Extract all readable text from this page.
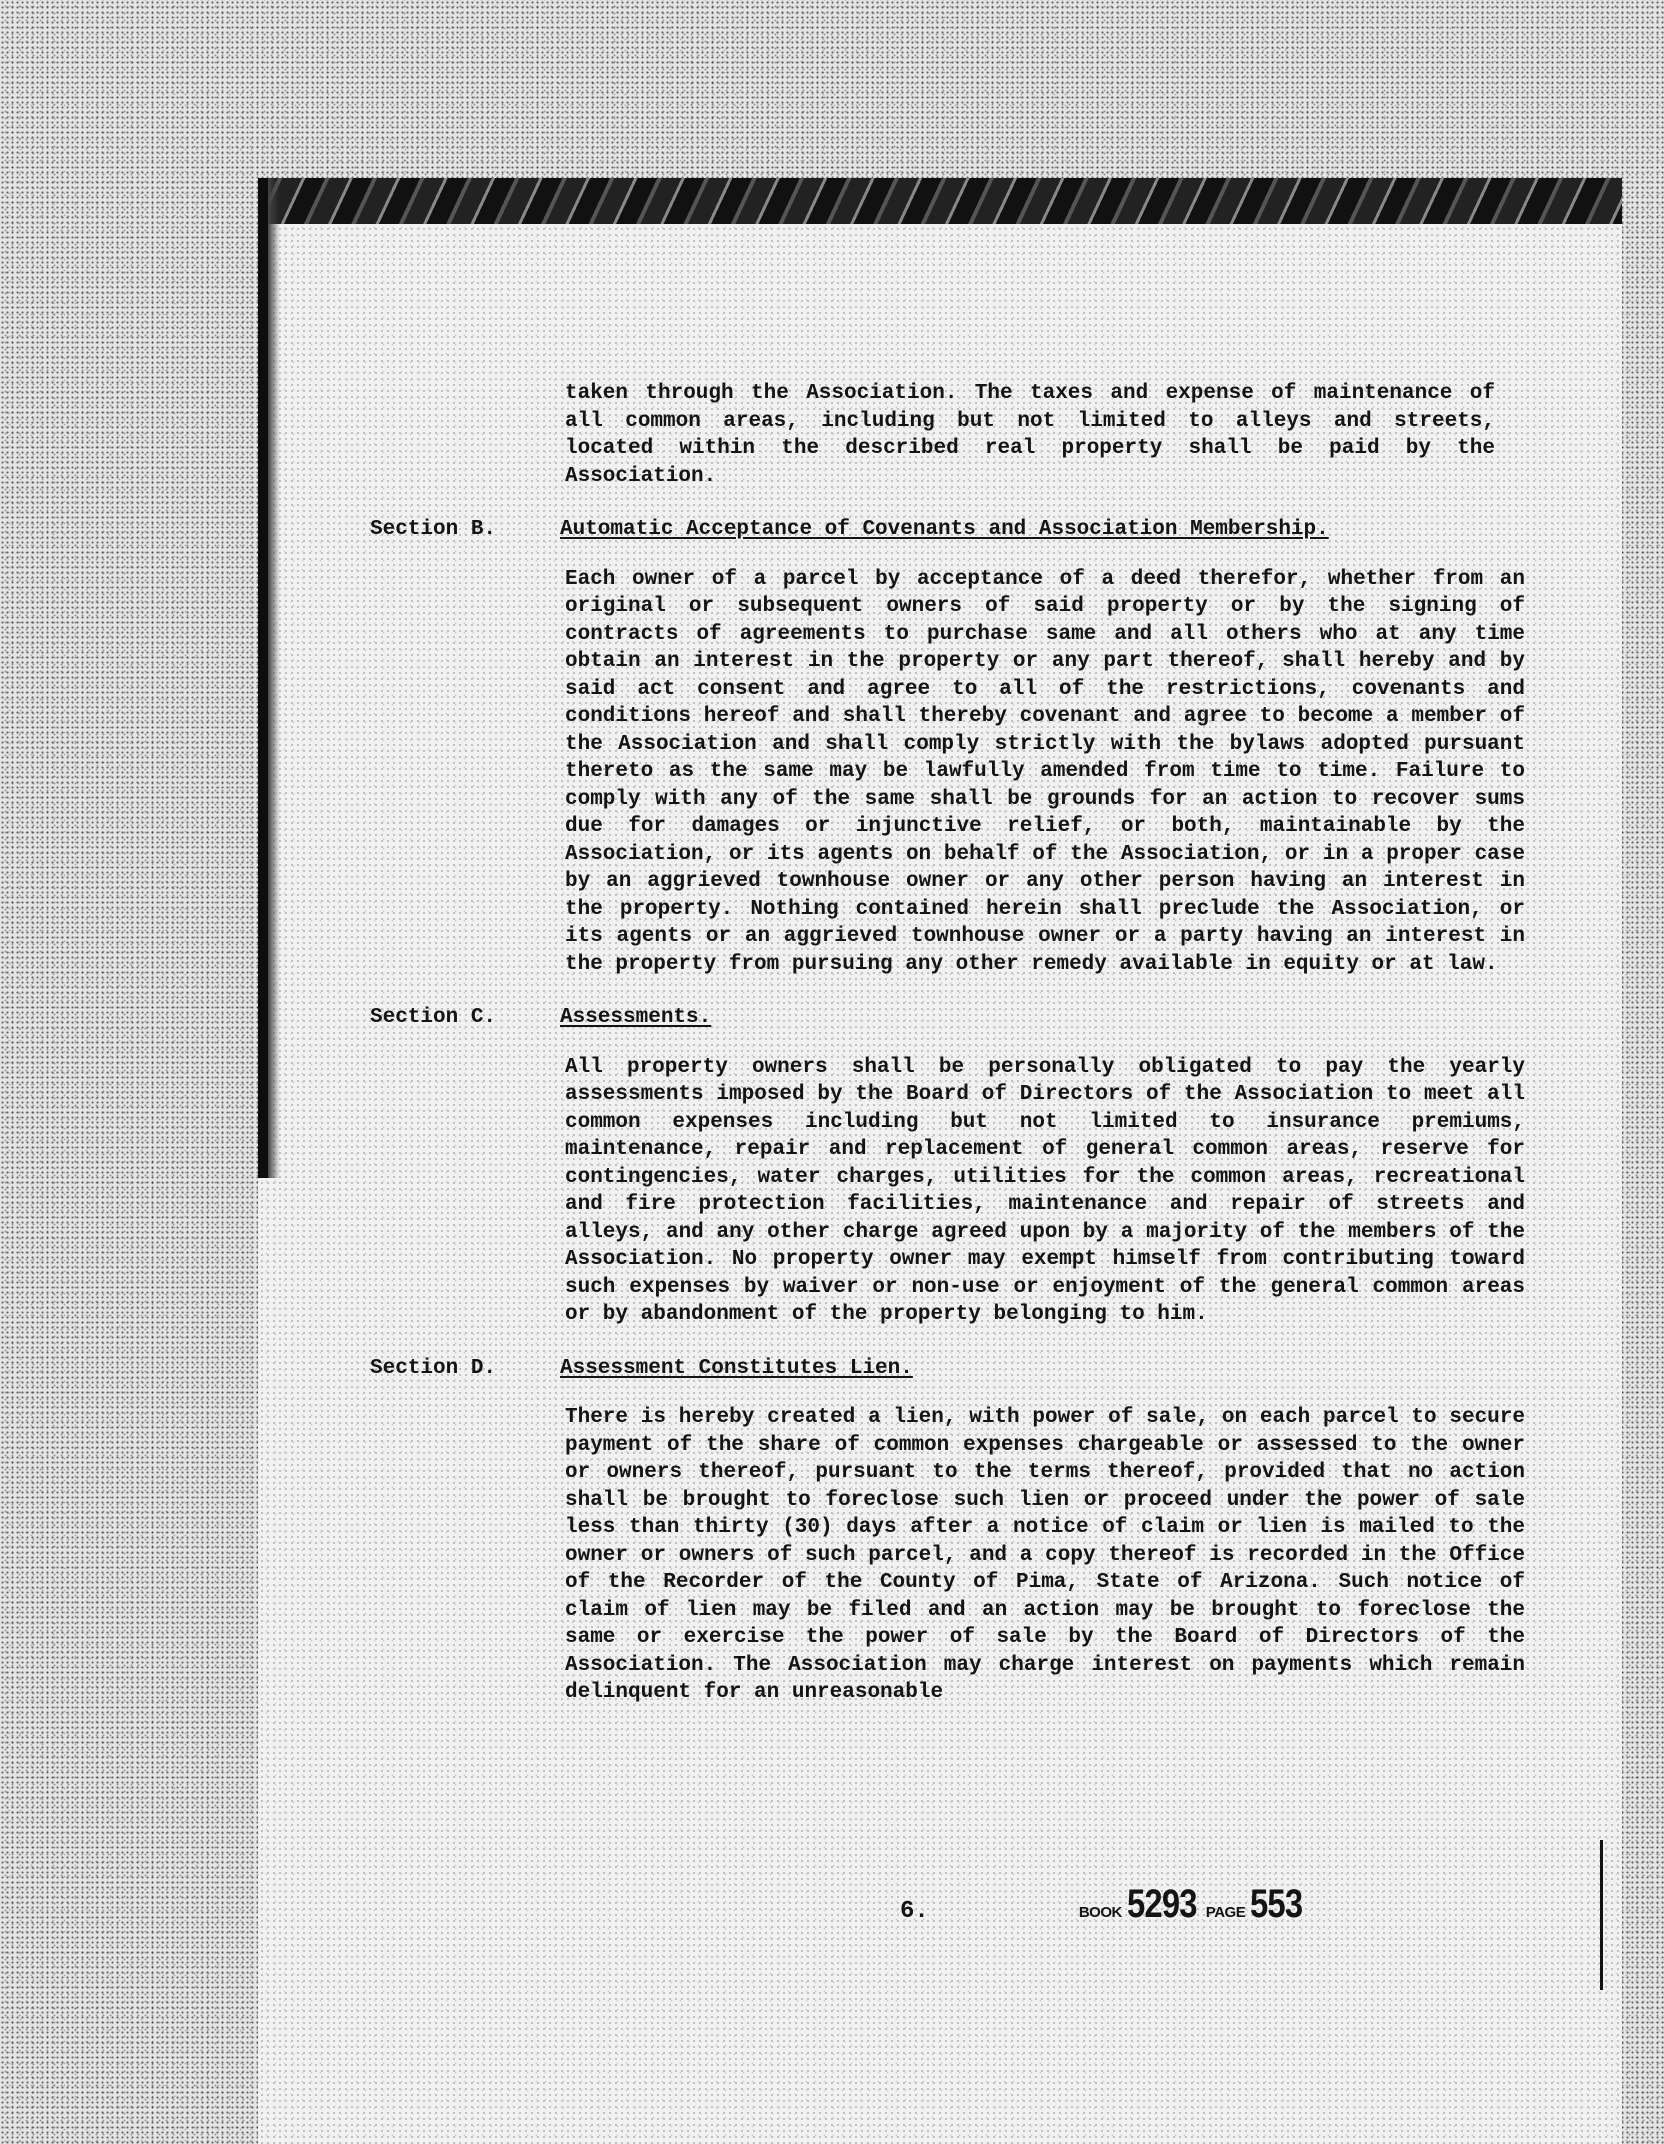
taken through the Association. The taxes and expense of maintenance of all common areas, including but not limited to alleys and streets, located within the described real property shall be paid by the Association.

Section B.	Automatic Acceptance of Covenants and Association Membership.

Each owner of a parcel by acceptance of a deed therefor, whether from an original or subsequent owners of said property or by the signing of contracts of agreements to purchase same and all others who at any time obtain an interest in the property or any part thereof, shall hereby and by said act consent and agree to all of the restrictions, covenants and conditions hereof and shall thereby covenant and agree to become a member of the Association and shall comply strictly with the bylaws adopted pursuant thereto as the same may be lawfully amended from time to time. Failure to comply with any of the same shall be grounds for an action to recover sums due for damages or injunctive relief, or both, maintainable by the Association, or its agents on behalf of the Association, or in a proper case by an aggrieved townhouse owner or any other person having an interest in the property. Nothing contained herein shall preclude the Association, or its agents or an aggrieved townhouse owner or a party having an interest in the property from pursuing any other remedy available in equity or at law.

Section C.	Assessments.

All property owners shall be personally obligated to pay the yearly assessments imposed by the Board of Directors of the Association to meet all common expenses including but not limited to insurance premiums, maintenance, repair and replacement of general common areas, reserve for contingencies, water charges, utilities for the common areas, recreational and fire protection facilities, maintenance and repair of streets and alleys, and any other charge agreed upon by a majority of the members of the Association. No property owner may exempt himself from contributing toward such expenses by waiver or non-use or enjoyment of the general common areas or by abandonment of the property belonging to him.

Section D.	Assessment Constitutes Lien.

There is hereby created a lien, with power of sale, on each parcel to secure payment of the share of common expenses chargeable or assessed to the owner or owners thereof, pursuant to the terms thereof, provided that no action shall be brought to foreclose such lien or proceed under the power of sale less than thirty (30) days after a notice of claim or lien is mailed to the owner or owners of such parcel, and a copy thereof is recorded in the Office of the Recorder of the County of Pima, State of Arizona. Such notice of claim of lien may be filed and an action may be brought to foreclose the same or exercise the power of sale by the Board of Directors of the Association. The Association may charge interest on payments which remain delinquent for an unreasonable

6.	BOOK 5293 PAGE 553
